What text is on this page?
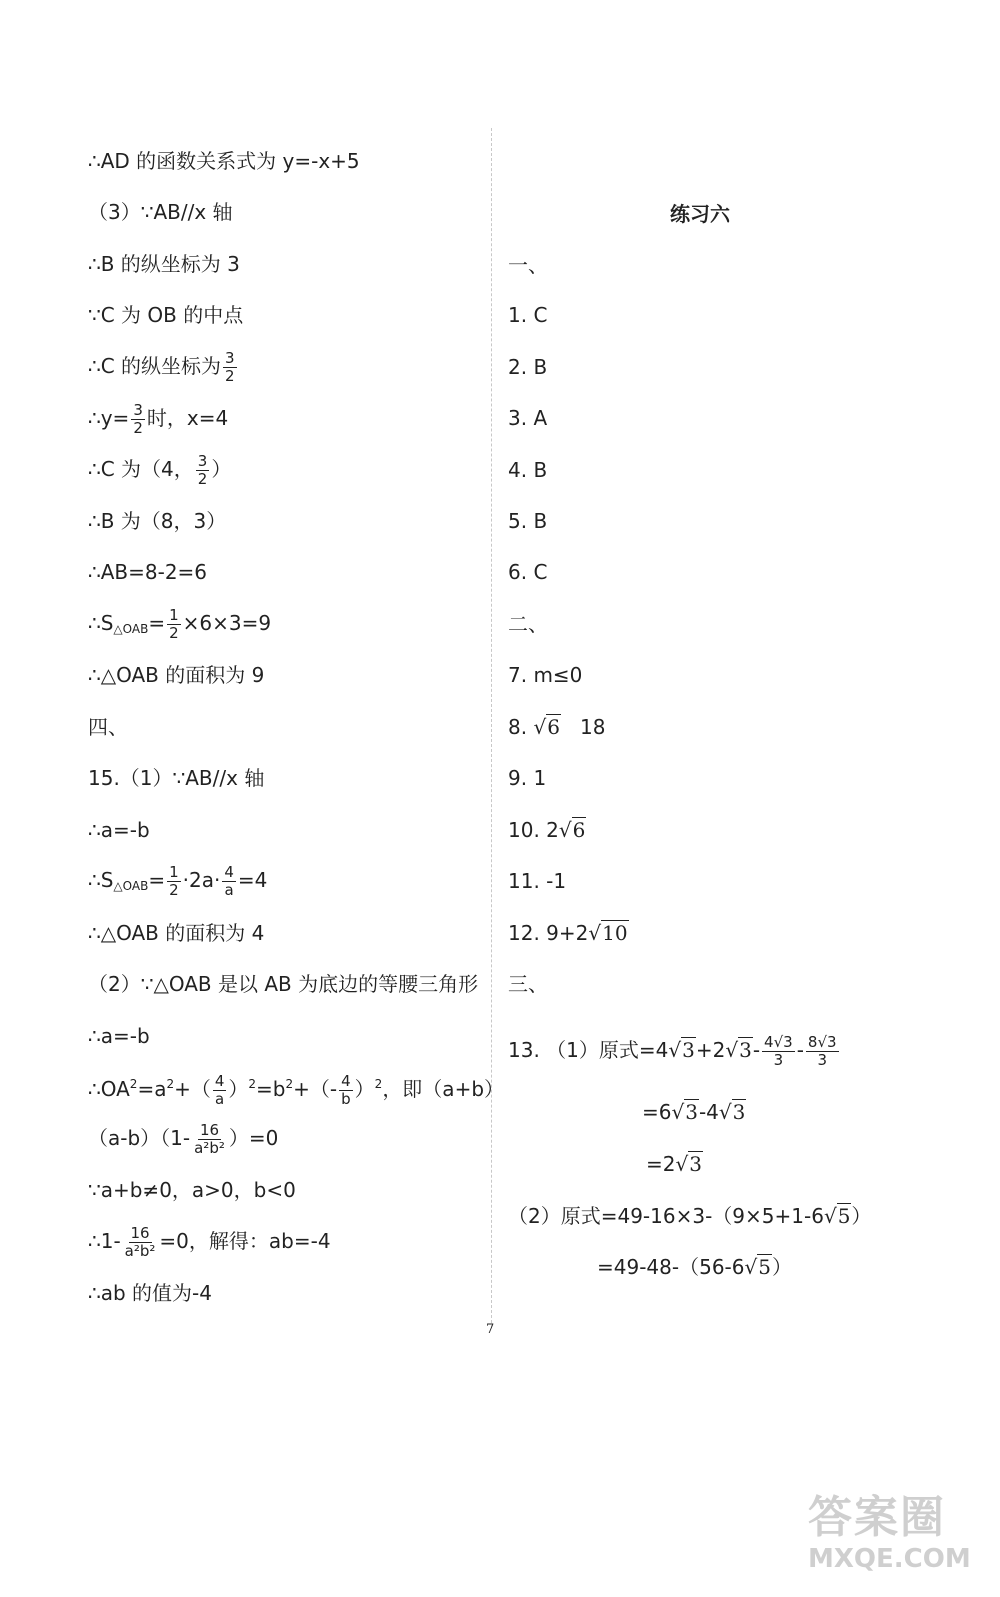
∴AD 的函数关系式为 y=-x+5
（3）∵AB//x 轴
∴B 的纵坐标为 3
∵C 为 OB 的中点
∴C 的纵坐标为 $\frac{3}{2}$
∴y= $\frac{3}{2}$ 时，x=4
∴C 为（4， $\frac{3}{2}$ ）
∴B 为（8，3）
∴AB=8-2=6
$\therefore S_{\triangle OAB}= \frac{1}{2} \times 6\times 3=9$
∴△OAB 的面积为 9
四、
15.（1）∵AB//x 轴
∴a=-b
$\therefore S_{\triangle OAB}= \frac{1}{2} \cdot 2a\cdot \frac{4}{a} =4$
∴△OAB 的面积为 4
（2）∵△OAB 是以 AB 为底边的等腰三角形
∴a=-b
$\therefore OA^2=a^2+( \frac{4}{a} )^2=b^2+(- \frac{4}{b} )^2$，即（a+b）
$(a-b)(1- \frac{16}{\text{a²b²}} )=0$
∵a+b≠0，a>0，b<0
∴1- $\frac{16}{\text{a²b²}} =0$，解得：ab=-4
∴ab 的值为-4
练习六
一、
1. C
2. B
3. A
4. B
5. B
6. C
二、
7. m≤0
8. √6 18
9. 1
10. 2√6
11. -1
12. 9+2√10
三、
13. （1）原式$=4√3+2√3- \frac{4√3}{3} - \frac{8√3}{3}$
=6√3-4√3
=2√3
（2）原式=49-16×3-（9×5+1-6√5）
=49-48-（56-6√5）
7
答案圈
MXQE.COM
